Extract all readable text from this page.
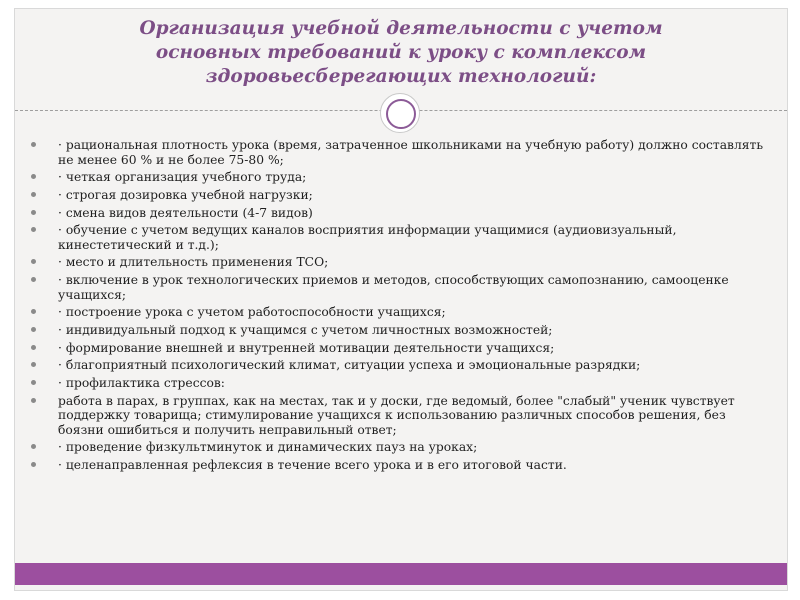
Организация учебной деятельности с учетом
основных требований к уроку с комплексом
здоровьесберегающих технологий:
· рациональная плотность урока (время, затраченное школьниками на учебную работу) должно составлять не менее 60 % и не более 75-80 %;
· четкая организация учебного труда;
· строгая дозировка учебной нагрузки;
· смена видов деятельности (4-7 видов)
· обучение с учетом ведущих каналов восприятия информации учащимися (аудиовизуальный, кинестетический и т.д.);
· место и длительность применения ТСО;
· включение в урок технологических приемов и методов, способствующих самопознанию, самооценке учащихся;
· построение урока с учетом работоспособности учащихся;
· индивидуальный подход к учащимся с учетом личностных возможностей;
· формирование внешней и внутренней мотивации деятельности учащихся;
· благоприятный психологический климат, ситуации успеха и эмоциональные разрядки;
· профилактика стрессов:
работа в парах, в группах, как на местах, так и у доски, где ведомый, более "слабый" ученик чувствует поддержку товарища; стимулирование учащихся к использованию различных способов решения, без боязни ошибиться и получить неправильный ответ;
· проведение физкультминуток и динамических пауз на уроках;
· целенаправленная рефлексия в течение всего урока и в его итоговой части.
